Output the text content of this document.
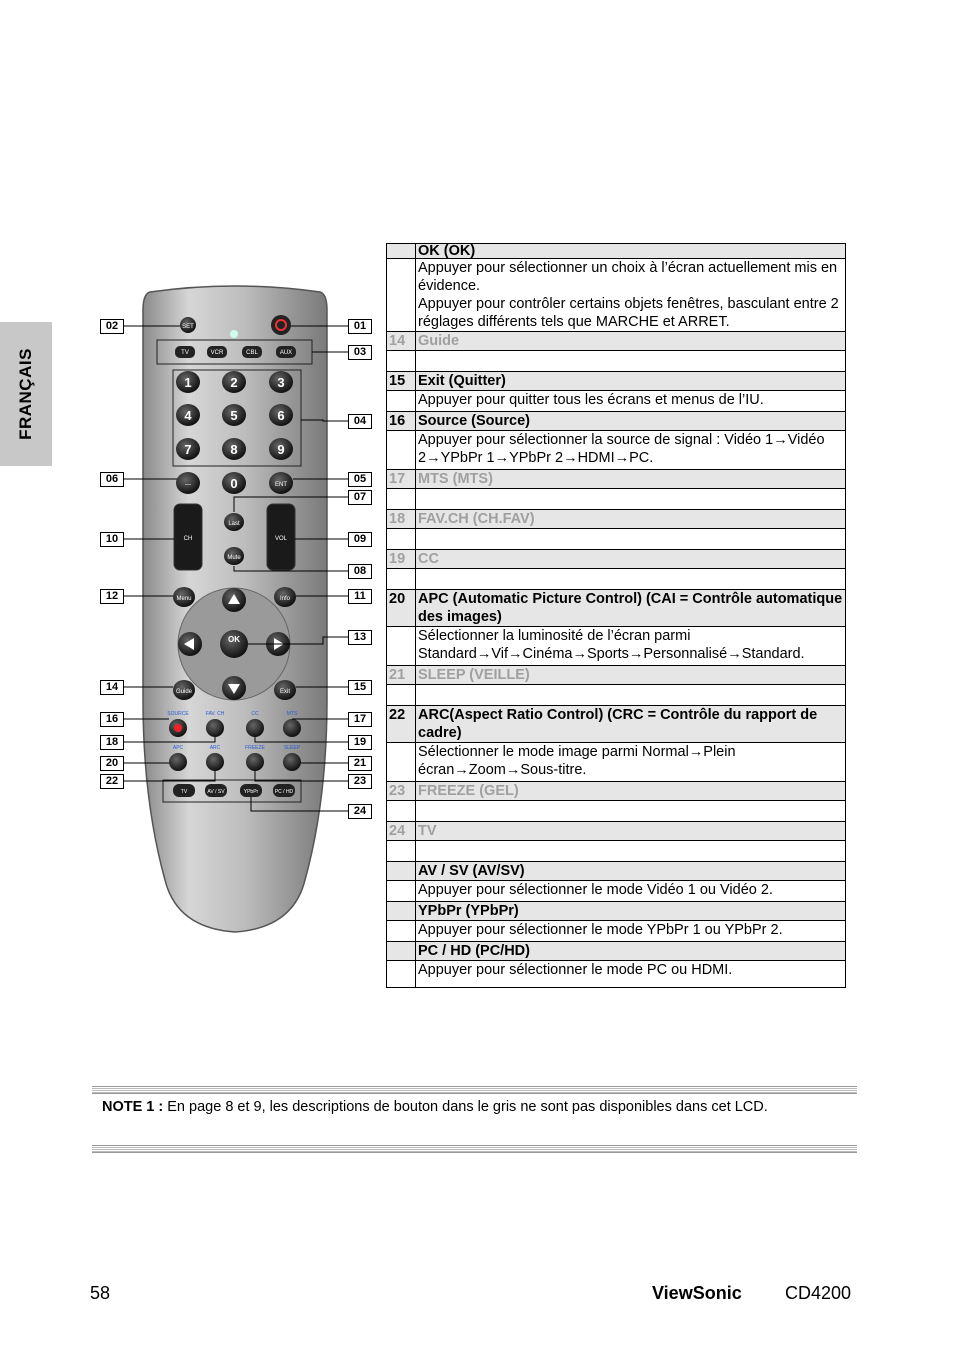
FRANÇAIS	1	2	3
4	5	6
7	8	9
0
SET
TV	VCR	CBL	AUX
—	ENT
Last
Mute
Menu	Info
Guide	Exit
CH	VOL
OK
SOURCE	FAV. CH	CC	MTS
APC	ARC	FREEZE	SLEEP
TV	AV / SV	YPbPr	PC / HD
02	01
03
04
06	05
07
10	09
08
12	11
13
14	15
16	17
18	19
20	21
22	23
24
	OK (OK)

	Appuyer pour sélectionner un choix à l’écran actuellement mis en évidence.
Appuyer pour contrôler certains objets fenêtres, basculant entre 2 réglages différents tels que MARCHE et ARRET.

14	Guide

15	Exit (Quitter)
	Appuyer pour quitter tous les écrans et menus de l’IU.
16	Source (Source)
	Appuyer pour sélectionner la source de signal : Vidéo 1→Vidéo 2→YPbPr 1→YPbPr 2→HDMI→PC.
17	MTS (MTS)

18	FAV.CH (CH.FAV)

19	CC

20	APC (Automatic Picture Control) (CAI = Contrôle automatique des images)
	Sélectionner la luminosité de l’écran parmi Standard→Vif→Cinéma→Sports→Personnalisé→Standard.
21	SLEEP (VEILLE)

22	ARC(Aspect Ratio Control) (CRC = Contrôle du rapport de cadre)
	Sélectionner le mode image parmi Normal→Plein écran→Zoom→Sous-titre.
23	FREEZE (GEL)

24	TV

	AV / SV (AV/SV)
	Appuyer pour sélectionner le mode Vidéo 1 ou Vidéo 2.
	YPbPr (YPbPr)
	Appuyer pour sélectionner le mode YPbPr 1 ou YPbPr 2.
	PC / HD (PC/HD)
	Appuyer pour sélectionner le mode PC ou HDMI.
NOTE 1 : En page 8 et 9, les descriptions de bouton dans le gris ne sont pas disponibles dans cet LCD.
58	ViewSonic CD4200
